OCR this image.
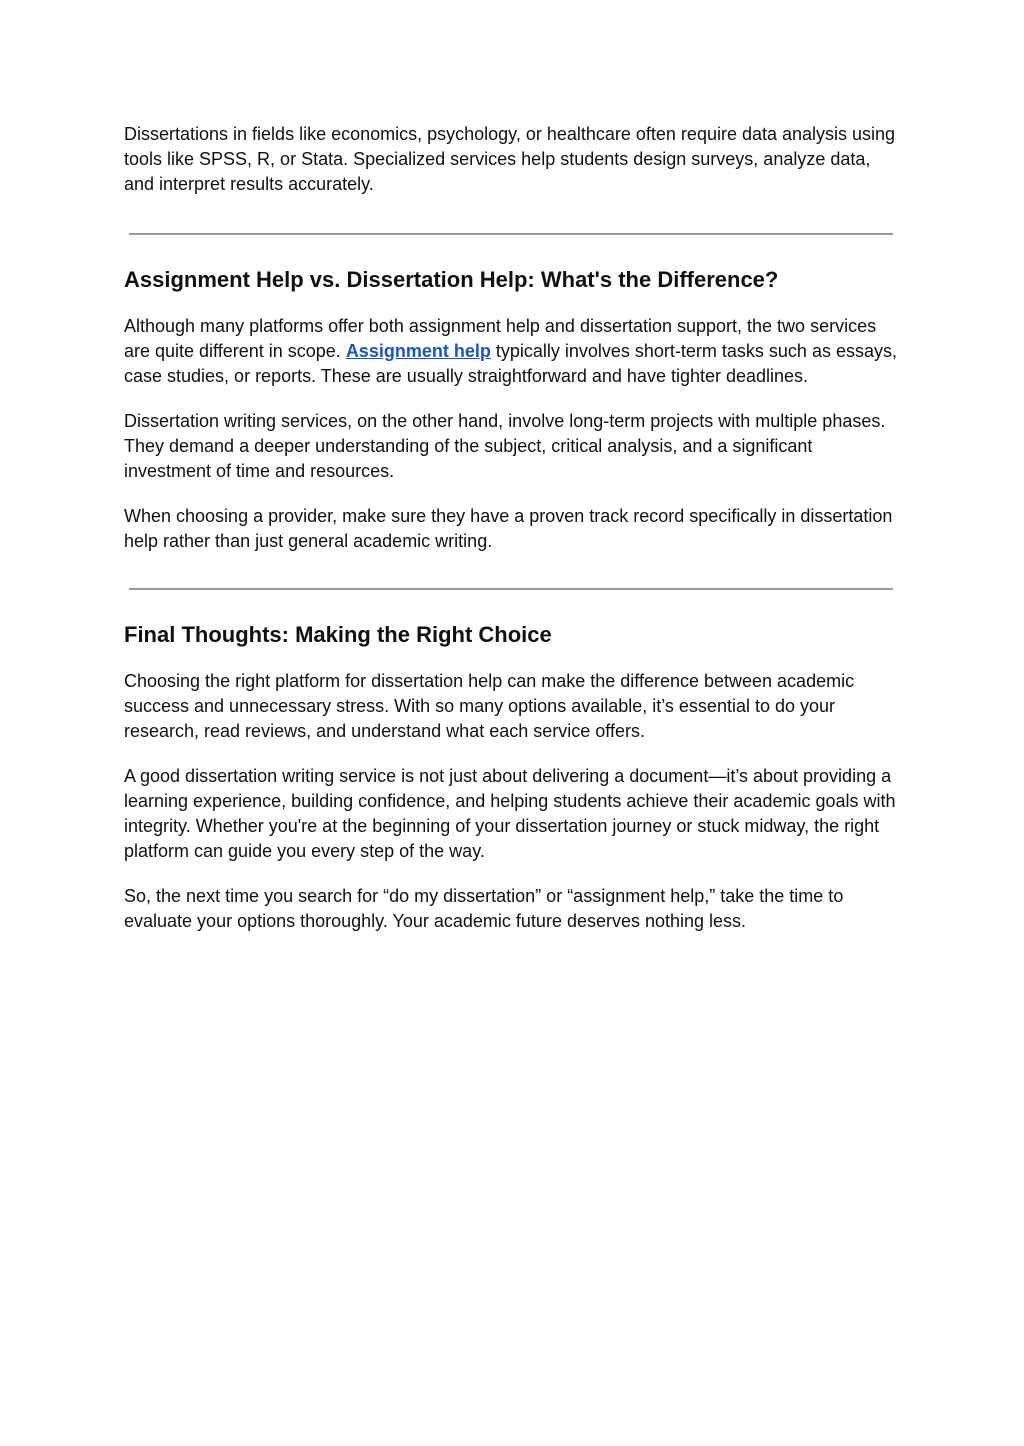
Dissertations in fields like economics, psychology, or healthcare often require data analysis using tools like SPSS, R, or Stata. Specialized services help students design surveys, analyze data, and interpret results accurately.

Assignment Help vs. Dissertation Help: What's the Difference?

Although many platforms offer both assignment help and dissertation support, the two services are quite different in scope. Assignment help typically involves short-term tasks such as essays, case studies, or reports. These are usually straightforward and have tighter deadlines.

Dissertation writing services, on the other hand, involve long-term projects with multiple phases. They demand a deeper understanding of the subject, critical analysis, and a significant investment of time and resources.

When choosing a provider, make sure they have a proven track record specifically in dissertation help rather than just general academic writing.

Final Thoughts: Making the Right Choice

Choosing the right platform for dissertation help can make the difference between academic success and unnecessary stress. With so many options available, it’s essential to do your research, read reviews, and understand what each service offers.

A good dissertation writing service is not just about delivering a document—it’s about providing a learning experience, building confidence, and helping students achieve their academic goals with integrity. Whether you're at the beginning of your dissertation journey or stuck midway, the right platform can guide you every step of the way.

So, the next time you search for “do my dissertation” or “assignment help,” take the time to evaluate your options thoroughly. Your academic future deserves nothing less.
